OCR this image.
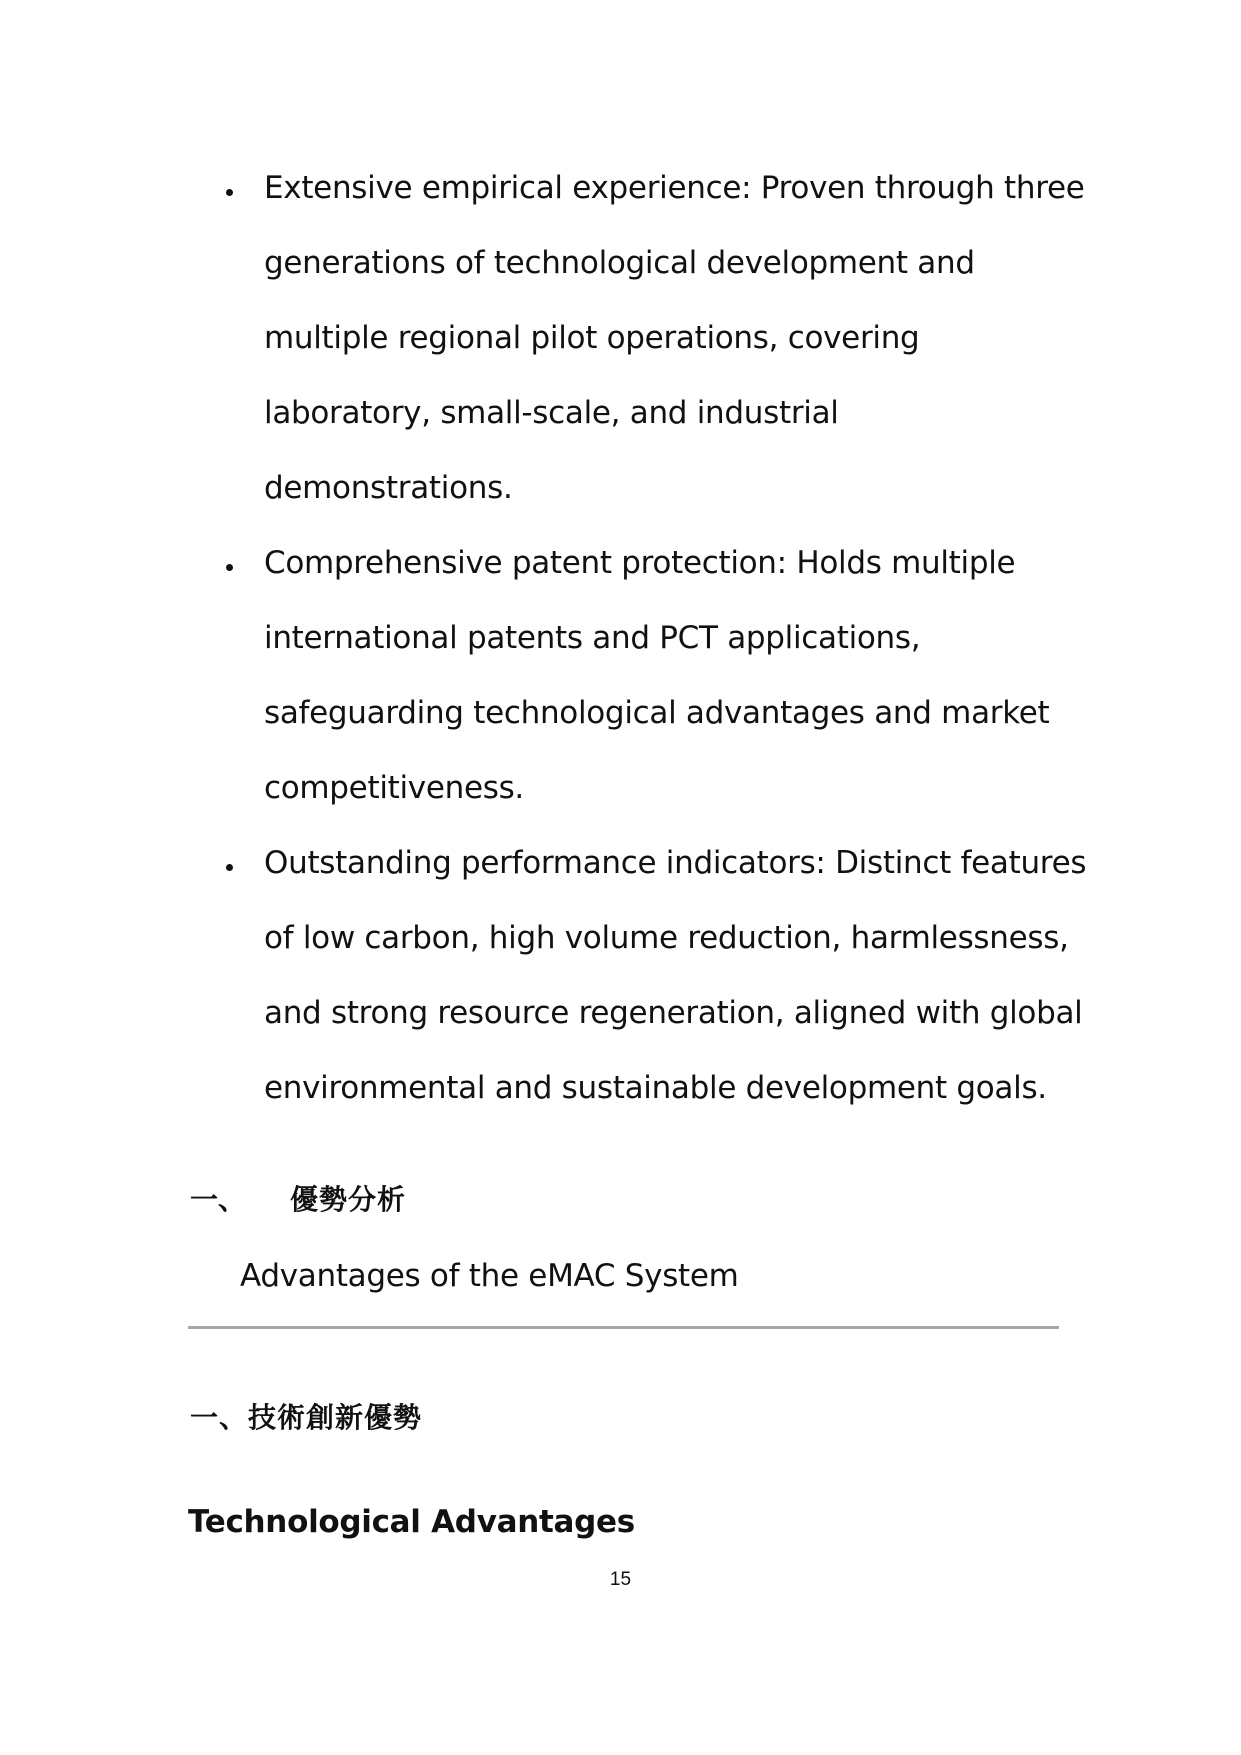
Extensive empirical experience: Proven through three
generations of technological development and
multiple regional pilot operations, covering
laboratory, small-scale, and industrial
demonstrations.
Comprehensive patent protection: Holds multiple
international patents and PCT applications,
safeguarding technological advantages and market
competitiveness.
Outstanding performance indicators: Distinct features
of low carbon, high volume reduction, harmlessness,
and strong resource regeneration, aligned with global
environmental and sustainable development goals.
一、 優勢分析
Advantages of the eMAC System
一、技術創新優勢
Technological Advantages
15
